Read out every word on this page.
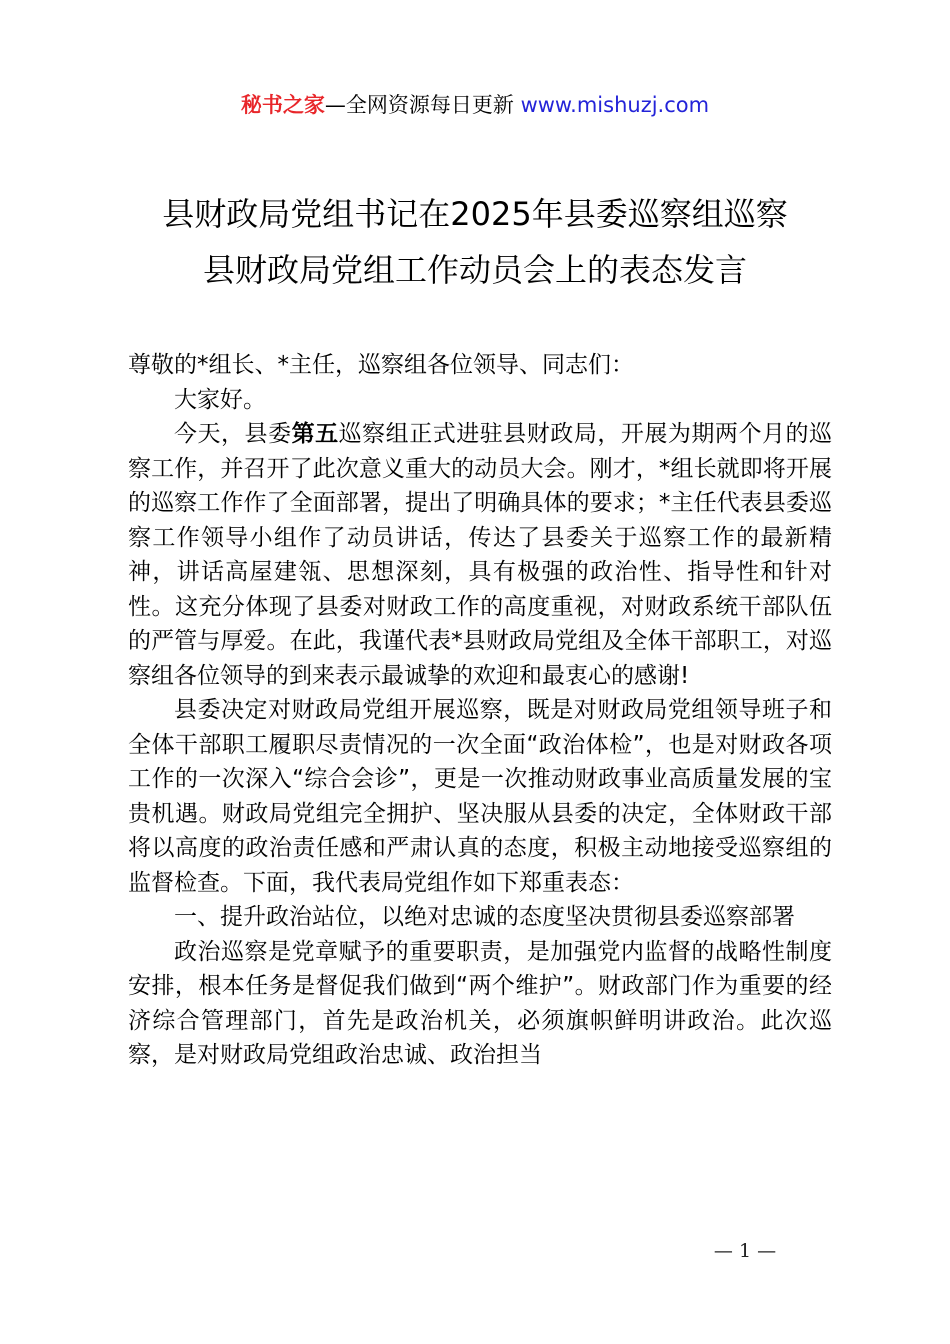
秘书之家—全网资源每日更新 www.mishuzj.com
县财政局党组书记在2025年县委巡察组巡察
县财政局党组工作动员会上的表态发言

尊敬的*组长、*主任，巡察组各位领导、同志们：

大家好。

今天，县委第五巡察组正式进驻县财政局，开展为期两个月的巡察工作，并召开了此次意义重大的动员大会。刚才，*组长就即将开展的巡察工作作了全面部署，提出了明确具体的要求；*主任代表县委巡察工作领导小组作了动员讲话，传达了县委关于巡察工作的最新精神，讲话高屋建瓴、思想深刻，具有极强的政治性、指导性和针对性。这充分体现了县委对财政工作的高度重视，对财政系统干部队伍的严管与厚爱。在此，我谨代表*县财政局党组及全体干部职工，对巡察组各位领导的到来表示最诚挚的欢迎和最衷心的感谢!

县委决定对财政局党组开展巡察，既是对财政局党组领导班子和全体干部职工履职尽责情况的一次全面“政治体检”，也是对财政各项工作的一次深入“综合会诊”，更是一次推动财政事业高质量发展的宝贵机遇。财政局党组完全拥护、坚决服从县委的决定，全体财政干部将以高度的政治责任感和严肃认真的态度，积极主动地接受巡察组的监督检查。下面，我代表局党组作如下郑重表态：

一、提升政治站位，以绝对忠诚的态度坚决贯彻县委巡察部署

政治巡察是党章赋予的重要职责，是加强党内监督的战略性制度安排，根本任务是督促我们做到“两个维护”。财政部门作为重要的经济综合管理部门，首先是政治机关，必须旗帜鲜明讲政治。此次巡察，是对财政局党组政治忠诚、政治担当

— 1 —
